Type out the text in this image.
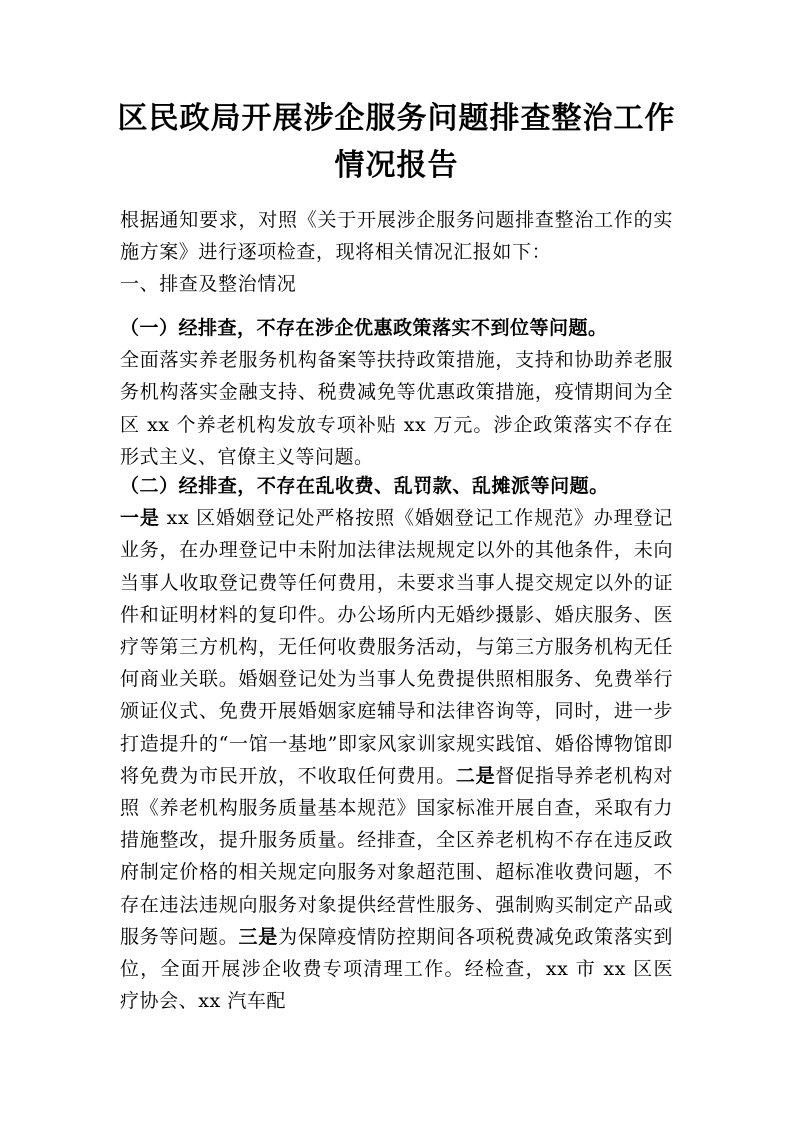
区民政局开展涉企服务问题排查整治工作
情况报告

根据通知要求，对照《关于开展涉企服务问题排查整治工作的实施方案》进行逐项检查，现将相关情况汇报如下：

一、排查及整治情况

（一）经排查，不存在涉企优惠政策落实不到位等问题。
全面落实养老服务机构备案等扶持政策措施，支持和协助养老服务机构落实金融支持、税费减免等优惠政策措施，疫情期间为全区 xx 个养老机构发放专项补贴 xx 万元。涉企政策落实不存在形式主义、官僚主义等问题。

（二）经排查，不存在乱收费、乱罚款、乱摊派等问题。
一是 xx 区婚姻登记处严格按照《婚姻登记工作规范》办理登记业务，在办理登记中未附加法律法规规定以外的其他条件，未向当事人收取登记费等任何费用，未要求当事人提交规定以外的证件和证明材料的复印件。办公场所内无婚纱摄影、婚庆服务、医疗等第三方机构，无任何收费服务活动，与第三方服务机构无任何商业关联。婚姻登记处为当事人免费提供照相服务、免费举行颁证仪式、免费开展婚姻家庭辅导和法律咨询等，同时，进一步打造提升的“一馆一基地”即家风家训家规实践馆、婚俗博物馆即将免费为市民开放，不收取任何费用。二是督促指导养老机构对照《养老机构服务质量基本规范》国家标准开展自查，采取有力措施整改，提升服务质量。经排查，全区养老机构不存在违反政府制定价格的相关规定向服务对象超范围、超标准收费问题，不存在违法违规向服务对象提供经营性服务、强制购买制定产品或服务等问题。三是为保障疫情防控期间各项税费减免政策落实到位，全面开展涉企收费专项清理工作。经检查，xx 市 xx 区医疗协会、xx 汽车配
